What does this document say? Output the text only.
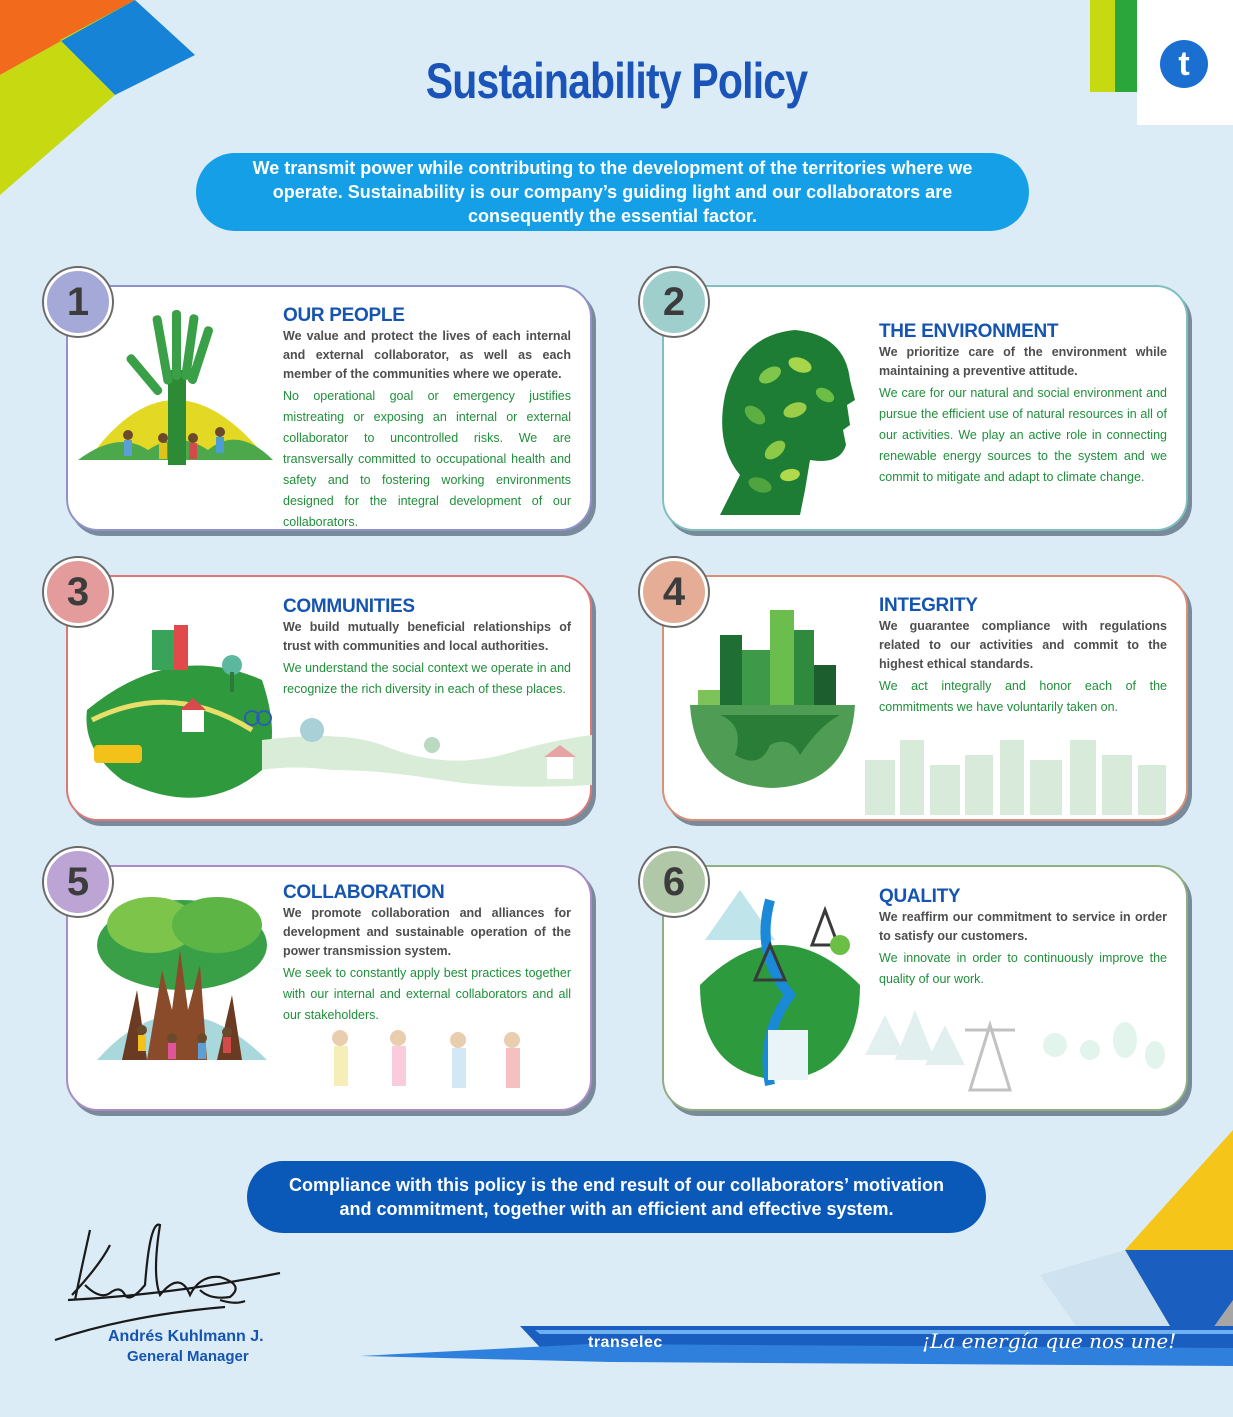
t
Sustainability Policy
We transmit power while contributing to the development of the territories where we operate. Sustainability is our company’s guiding light and our collaborators are consequently the essential factor.
1	OUR PEOPLE
We value and protect the lives of each internal and external collaborator, as well as each member of the communities where we operate.
No operational goal or emergency justifies mistreating or exposing an internal or external collaborator to uncontrolled risks. We are transversally committed to occupational health and safety and to fostering working environments designed for the integral development of our collaborators.
2
THE ENVIRONMENT
We prioritize care of the environment while maintaining a preventive attitude.
We care for our natural and social environment and pursue the efficient use of natural resources in all of our activities. We play an active role in connecting renewable energy sources to the system and we commit to mitigate and adapt to climate change.
3	COMMUNITIES
We build mutually beneficial relationships of trust with communities and local authorities.
We understand the social context we operate in and recognize the rich diversity in each of these places.
4	INTEGRITY
We guarantee compliance with regulations related to our activities and commit to the highest ethical standards.
We act integrally and honor each of the commitments we have voluntarily taken on.
5	COLLABORATION
We promote collaboration and alliances for development and sustainable operation of the power transmission system.
We seek to constantly apply best practices together with our internal and external collaborators and all our stakeholders.
6	QUALITY
We reaffirm our commitment to service in order to satisfy our customers.
We innovate in order to continuously improve the quality of our work.
Compliance with this policy is the end result of our collaborators’ motivation and commitment, together with an efficient and effective system.
Andrés Kuhlmann J.
General Manager
transelec	¡La energía que nos une!
